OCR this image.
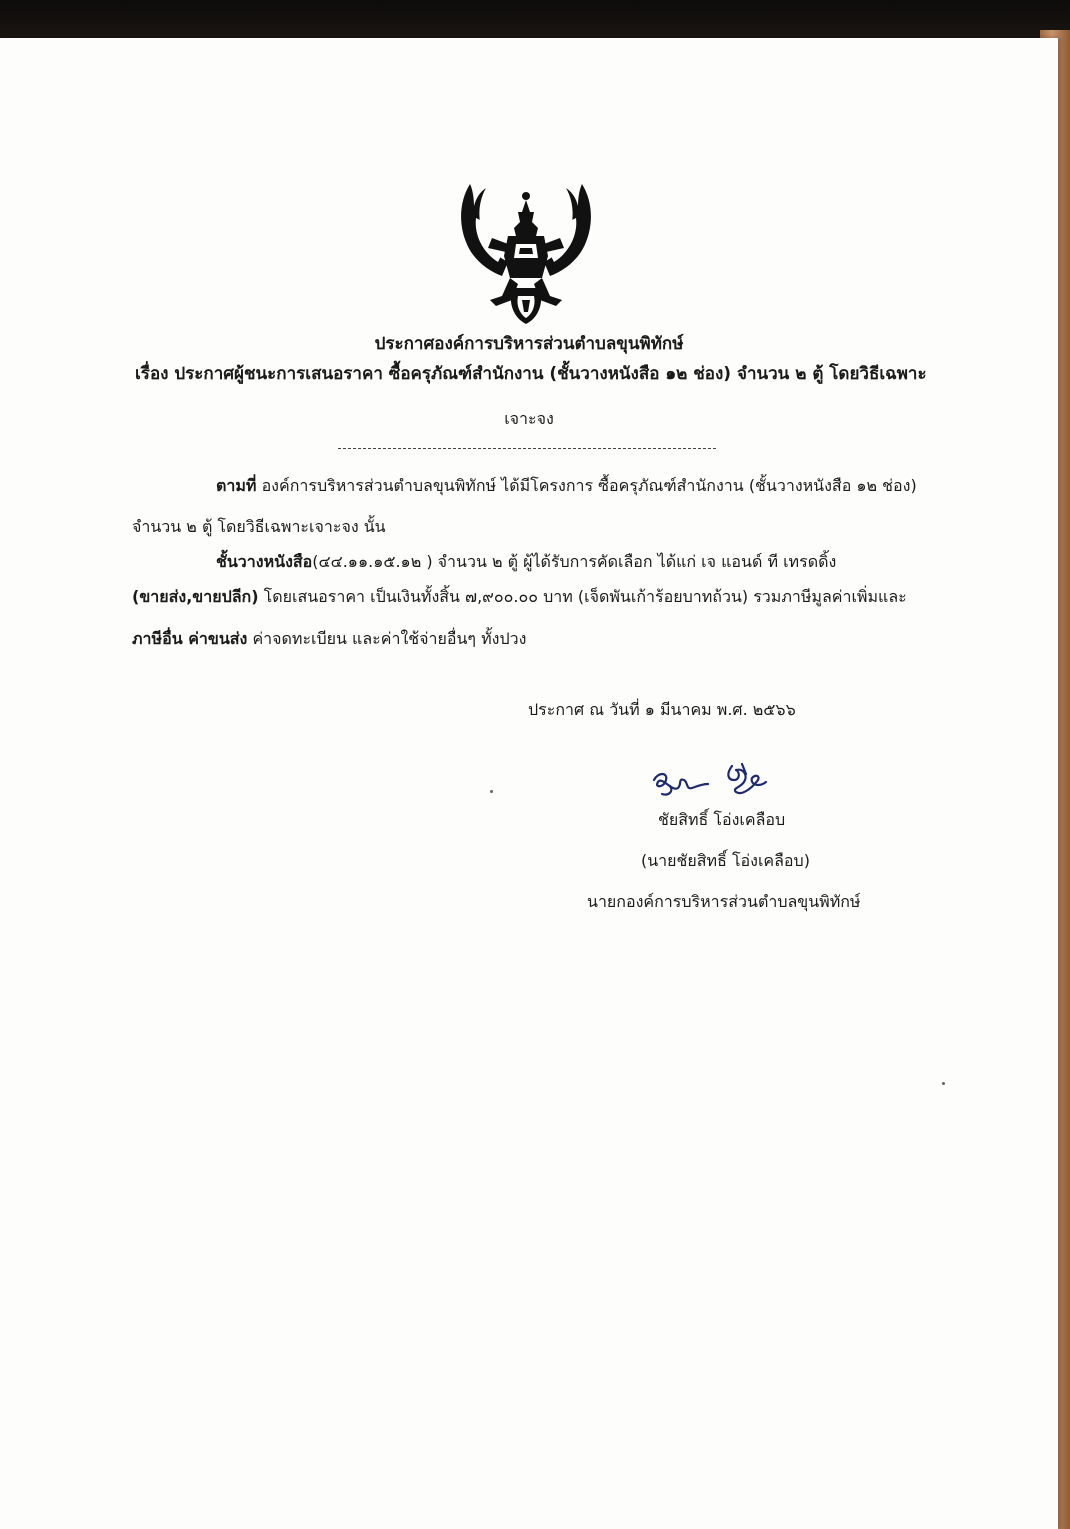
ประกาศองค์การบริหารส่วนตำบลขุนพิทักษ์
เรื่อง ประกาศผู้ชนะการเสนอราคา ซื้อครุภัณฑ์สำนักงาน (ชั้นวางหนังสือ ๑๒ ช่อง) จำนวน ๒ ตู้ โดยวิธีเฉพาะ
เจาะจง
ตามที่ องค์การบริหารส่วนตำบลขุนพิทักษ์ ได้มีโครงการ ซื้อครุภัณฑ์สำนักงาน (ชั้นวางหนังสือ ๑๒ ช่อง)
จำนวน ๒ ตู้ โดยวิธีเฉพาะเจาะจง นั้น
ชั้นวางหนังสือ(๔๔.๑๑.๑๕.๑๒ ) จำนวน ๒ ตู้ ผู้ได้รับการคัดเลือก ได้แก่ เจ แอนด์ ที เทรดดิ้ง
(ขายส่ง,ขายปลีก) โดยเสนอราคา เป็นเงินทั้งสิ้น ๗,๙๐๐.๐๐ บาท (เจ็ดพันเก้าร้อยบาทถ้วน) รวมภาษีมูลค่าเพิ่มและ
ภาษีอื่น ค่าขนส่ง ค่าจดทะเบียน และค่าใช้จ่ายอื่นๆ ทั้งปวง
ประกาศ ณ วันที่ ๑ มีนาคม พ.ศ. ๒๕๖๖
ชัยสิทธิ์ โอ่งเคลือบ
(นายชัยสิทธิ์ โอ่งเคลือบ)
นายกองค์การบริหารส่วนตำบลขุนพิทักษ์
